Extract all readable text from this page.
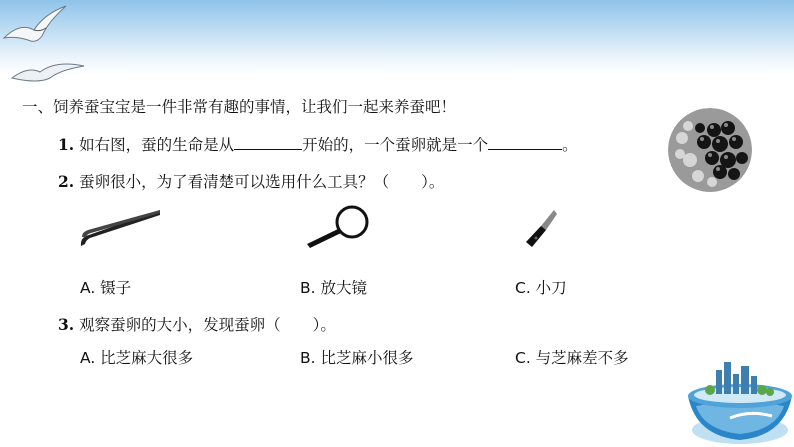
一、饲养蚕宝宝是一件非常有趣的事情，让我们一起来养蚕吧！
1. 如右图，蚕的生命是从	开始的，一个蚕卵就是一个	。
2. 蚕卵很小，为了看清楚可以选用什么工具？（ ）。
A. 镊子	B. 放大镜	C. 小刀
3. 观察蚕卵的大小，发现蚕卵（ ）。
A. 比芝麻大很多	B. 比芝麻小很多	C. 与芝麻差不多
